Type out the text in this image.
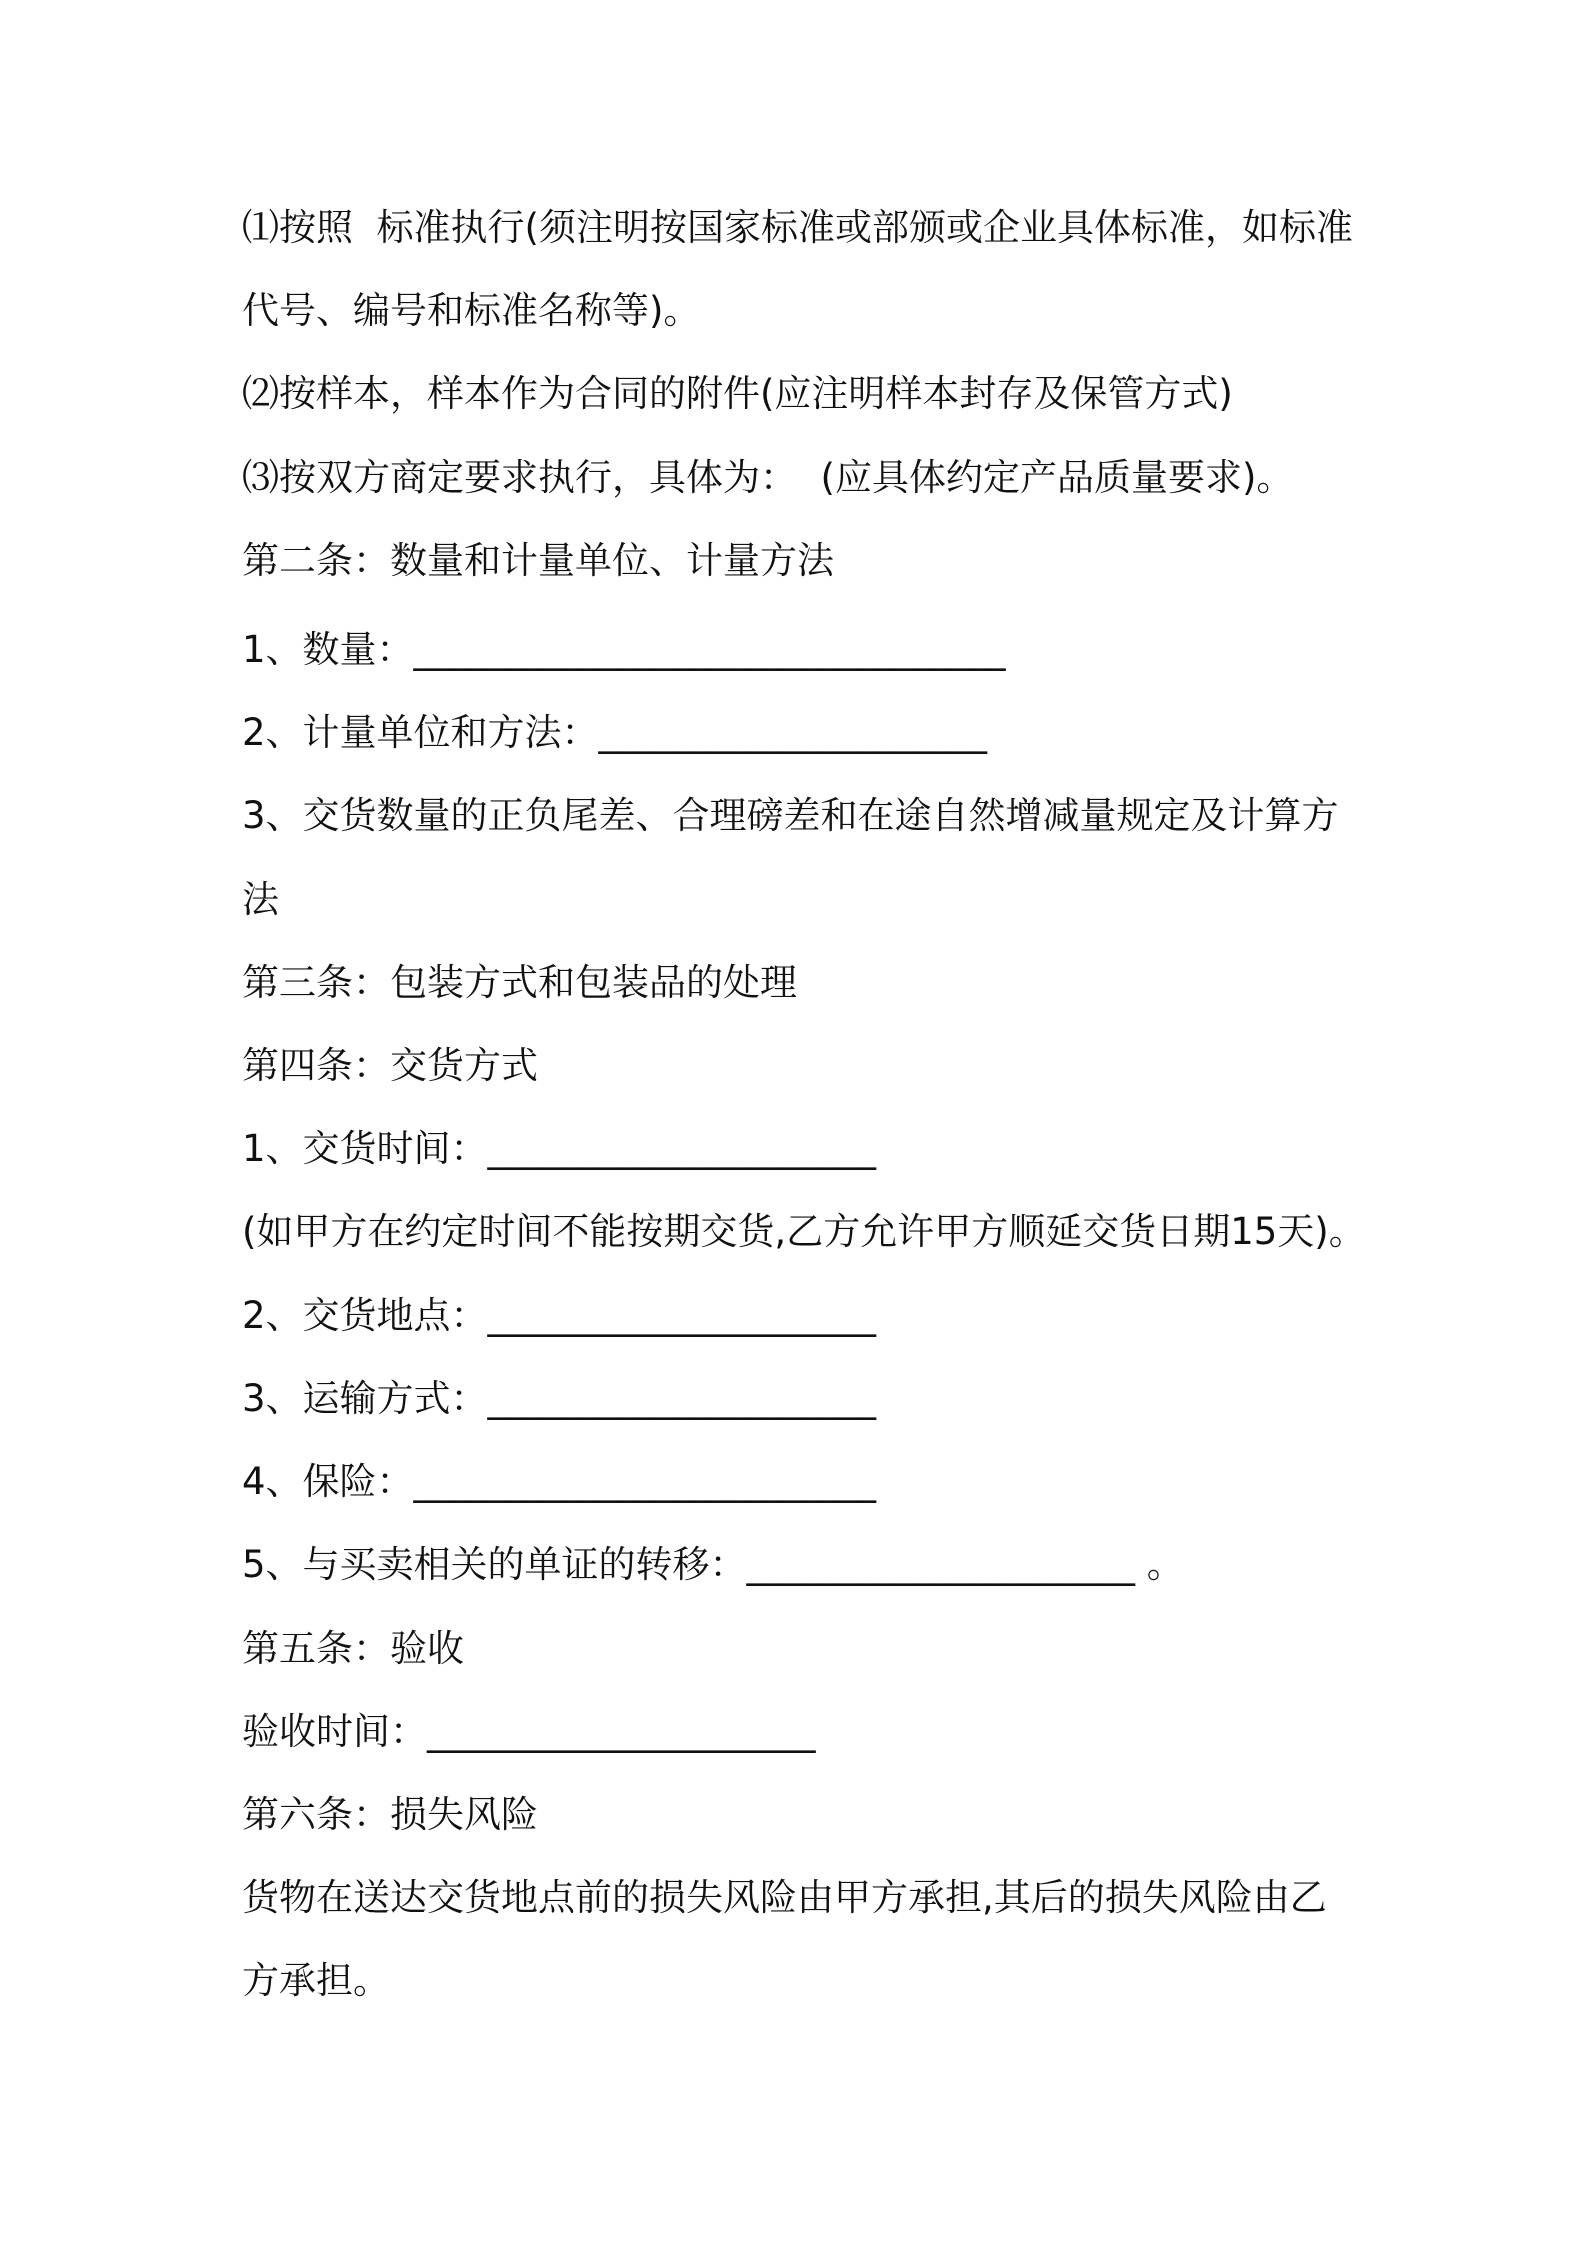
⑴按照  标准执行(须注明按国家标准或部颁或企业具体标准，如标准
代号、编号和标准名称等)。
⑵按样本，样本作为合同的附件(应注明样本封存及保管方式)
⑶按双方商定要求执行，具体为：  (应具体约定产品质量要求)。
第二条：数量和计量单位、计量方法
1、数量：________________________________
2、计量单位和方法：_____________________
3、交货数量的正负尾差、合理磅差和在途自然增减量规定及计算方
法
第三条：包装方式和包装品的处理
第四条：交货方式
1、交货时间：_____________________
(如甲方在约定时间不能按期交货,乙方允许甲方顺延交货日期15天)。
2、交货地点：_____________________
3、运输方式：_____________________
4、保险：_________________________
5、与买卖相关的单证的转移：_____________________ 。
第五条：验收
验收时间：_____________________
第六条：损失风险
货物在送达交货地点前的损失风险由甲方承担,其后的损失风险由乙
方承担。
